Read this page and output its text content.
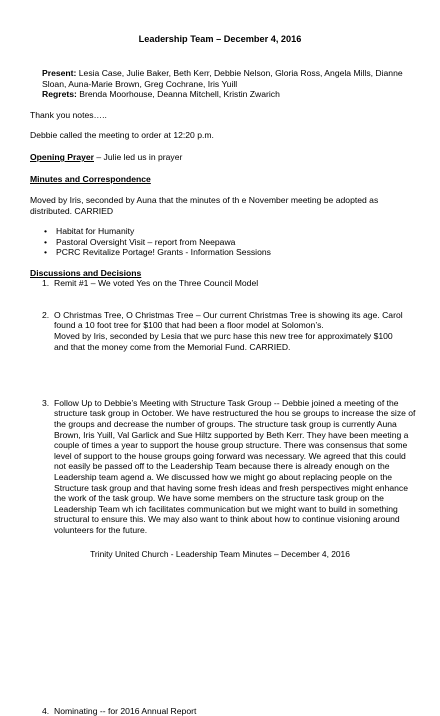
Leadership Team – December 4, 2016

Present: Lesia Case, Julie Baker, Beth Kerr, Debbie Nelson, Gloria Ross, Angela Mills, Dianne Sloan, Auna-Marie Brown, Greg Cochrane, Iris Yuill

Regrets: Brenda Moorhouse, Deanna Mitchell, Kristin Zwarich

Thank you notes…..
Debbie called the meeting to order at 12:20 p.m.
Opening Prayer – Julie led us in prayer
Minutes and Correspondence
Moved by Iris, seconded by Auna that the minutes of th e November meeting be adopted as distributed. CARRIED
• Habitat for Humanity
• Pastoral Oversight Visit – report from Neepawa
• PCRC Revitalize Portage! Grants - Information Sessions
Discussions and Decisions
1. Remit #1 – We voted Yes on the Three Council Model
2. O Christmas Tree, O Christmas Tree – Our current Christmas Tree is showing its age. Carol found a 10 foot tree for $100 that had been a floor model at Solomon’s.
Moved by Iris, seconded by Lesia that we purc hase this new tree for approximately $100 and that the money come from the Memorial Fund. CARRIED.
3. Follow Up to Debbie’s Meeting with Structure Task Group -- Debbie joined a meeting of the structure task group in October. We have restructured the hou se groups to increase the size of the groups and decrease the number of groups. The structure task group is currently Auna Brown, Iris Yuill, Val Garlick and Sue Hiltz supported by Beth Kerr. They have been meeting a couple of times a year to support the house group structure. There was consensus that some level of support to the house groups going forward was necessary. We agreed that this could not easily be passed off to the Leadership Team because there is already enough on the Leadership team agend a. We discussed how we might go about replacing people on the Structure task group and that having some fresh ideas and fresh perspectives might enhance the work of the task group. We have some members on the structure task group on the Leadership Team wh ich facilitates communication but we might want to build in something structural to ensure this. We may also want to think about how to continue visioning around volunteers for the future.
4. Nominating -- for 2016 Annual Report
Trinity United Church - Leadership Team Minutes – December 4, 2016
